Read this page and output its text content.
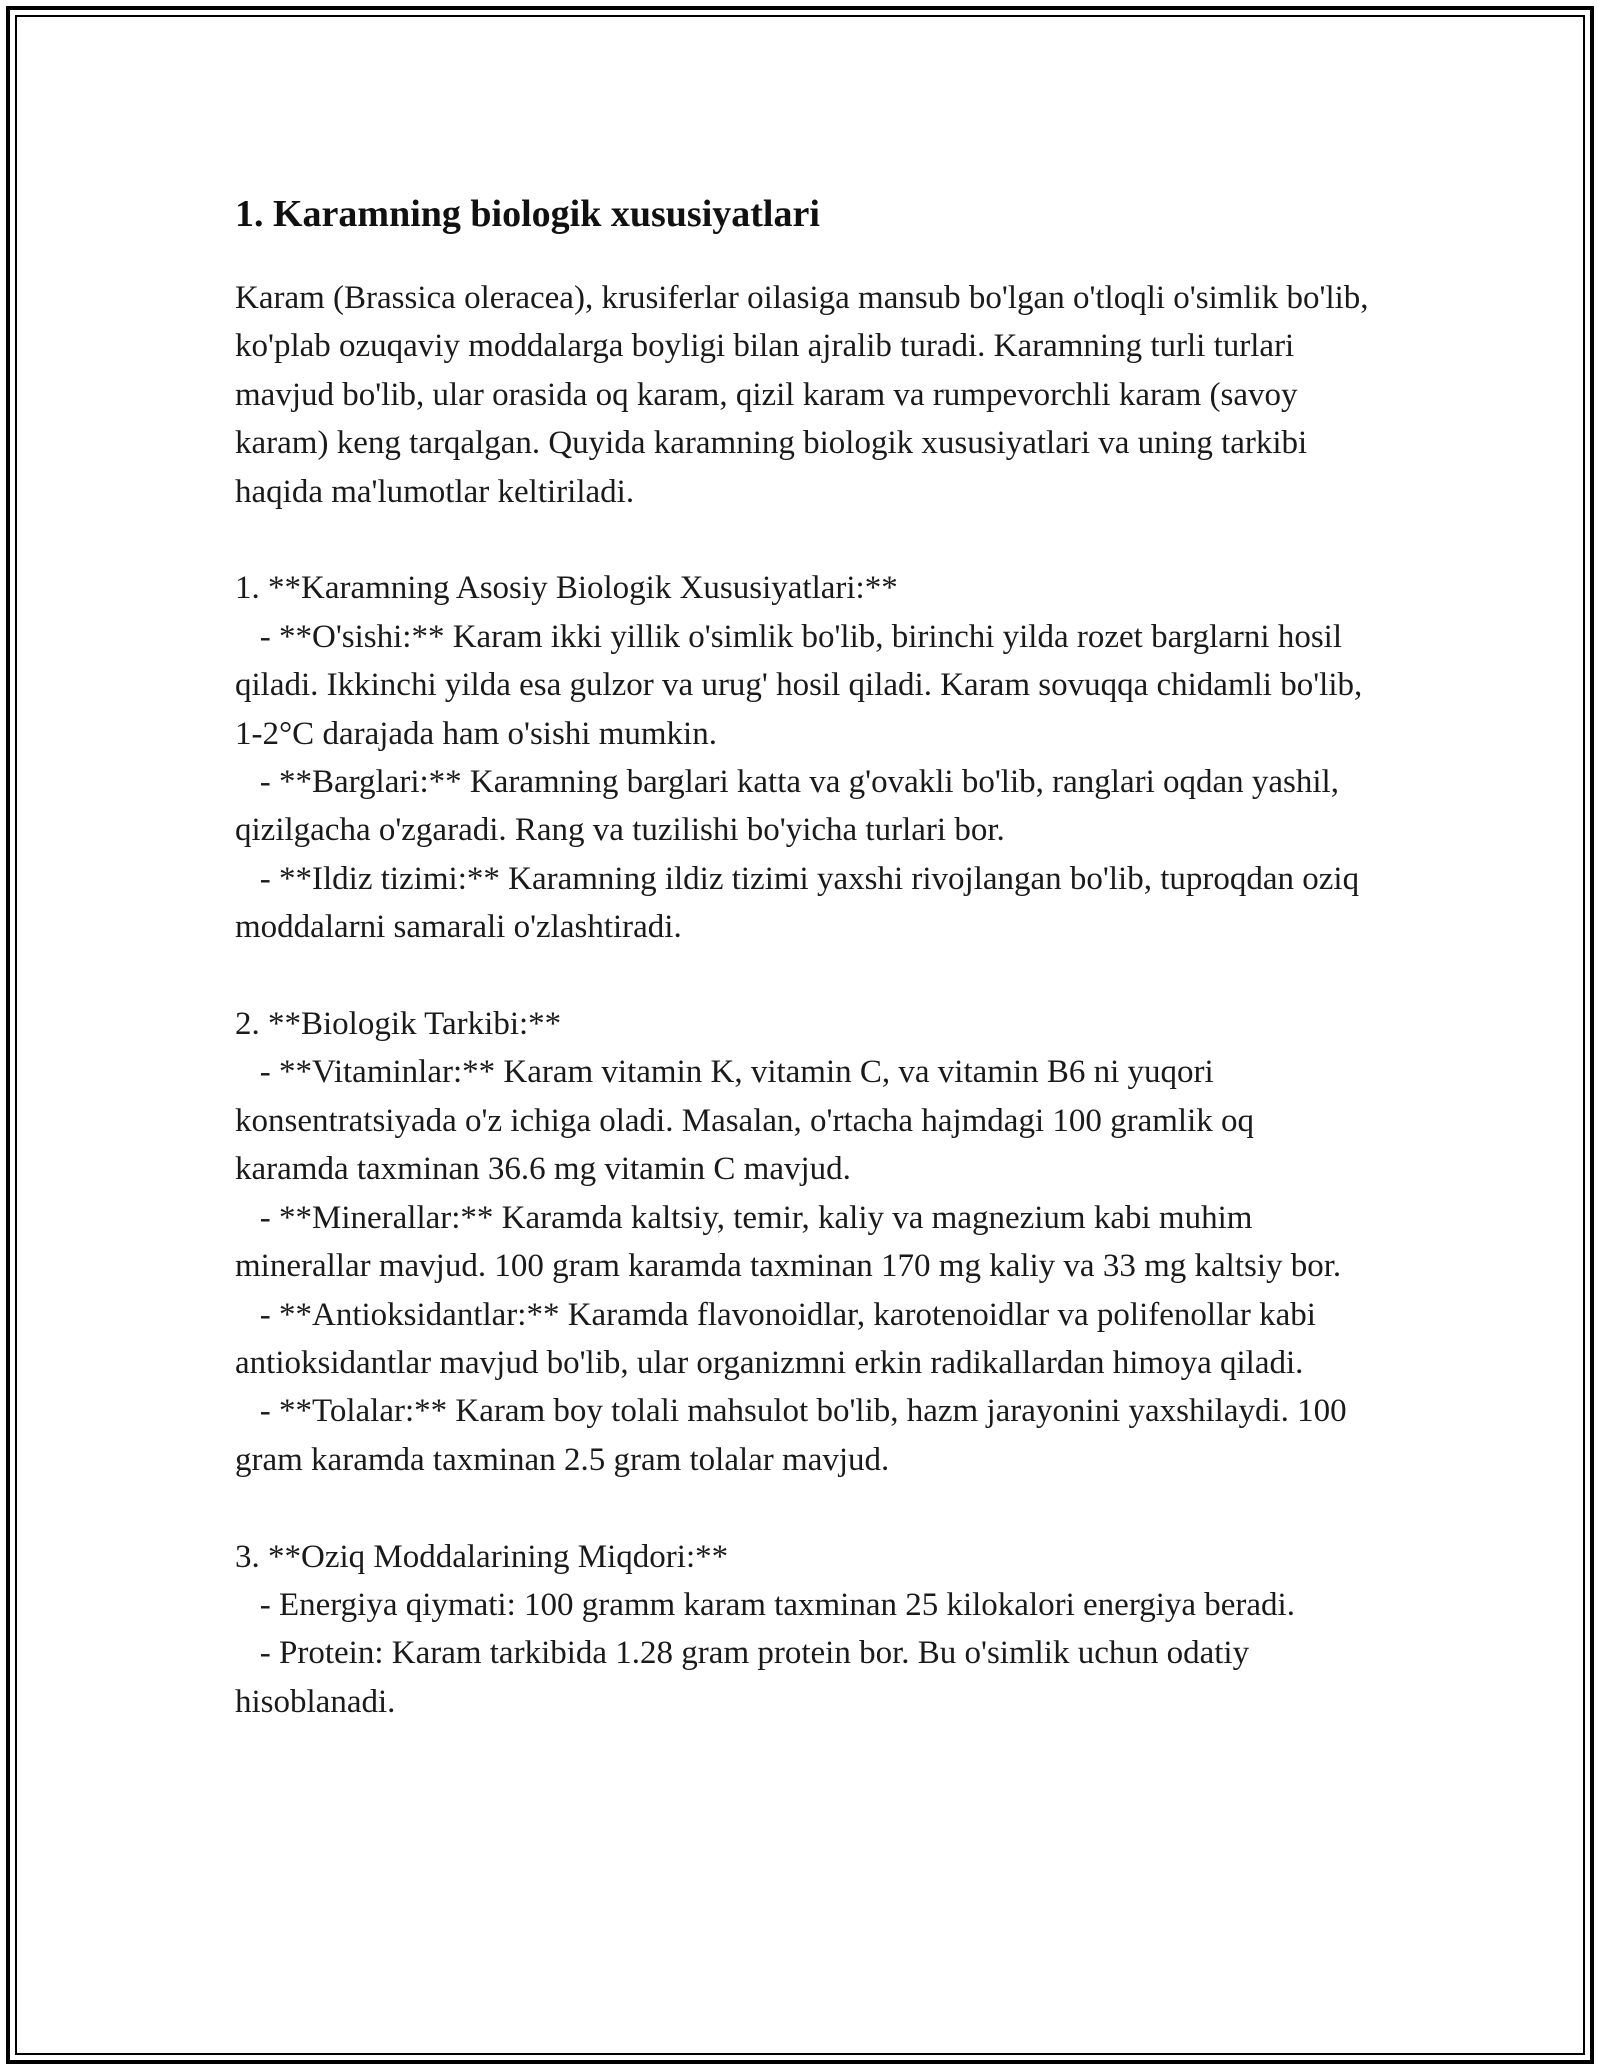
1. Karamning biologik xususiyatlari

Karam (Brassica oleracea), krusiferlar oilasiga mansub bo'lgan o'tloqli o'simlik bo'lib, ko'plab ozuqaviy moddalarga boyligi bilan ajralib turadi. Karamning turli turlari mavjud bo'lib, ular orasida oq karam, qizil karam va rumpevorchli karam (savoy karam) keng tarqalgan. Quyida karamning biologik xususiyatlari va uning tarkibi haqida ma'lumotlar keltiriladi.

1. **Karamning Asosiy Biologik Xususiyatlari:**

- **O'sishi:** Karam ikki yillik o'simlik bo'lib, birinchi yilda rozet barglarni hosil qiladi. Ikkinchi yilda esa gulzor va urug' hosil qiladi. Karam sovuqqa chidamli bo'lib, 1-2°C darajada ham o'sishi mumkin.

- **Barglari:** Karamning barglari katta va g'ovakli bo'lib, ranglari oqdan yashil, qizilgacha o'zgaradi. Rang va tuzilishi bo'yicha turlari bor.

- **Ildiz tizimi:** Karamning ildiz tizimi yaxshi rivojlangan bo'lib, tuproqdan oziq moddalarni samarali o'zlashtiradi.

2. **Biologik Tarkibi:**

- **Vitaminlar:** Karam vitamin K, vitamin C, va vitamin B6 ni yuqori konsentratsiyada o'z ichiga oladi. Masalan, o'rtacha hajmdagi 100 gramlik oq karamda taxminan 36.6 mg vitamin C mavjud.

- **Minerallar:** Karamda kaltsiy, temir, kaliy va magnezium kabi muhim minerallar mavjud. 100 gram karamda taxminan 170 mg kaliy va 33 mg kaltsiy bor.

- **Antioksidantlar:** Karamda flavonoidlar, karotenoidlar va polifenollar kabi antioksidantlar mavjud bo'lib, ular organizmni erkin radikallardan himoya qiladi.

- **Tolalar:** Karam boy tolali mahsulot bo'lib, hazm jarayonini yaxshilaydi. 100 gram karamda taxminan 2.5 gram tolalar mavjud.

3. **Oziq Moddalarining Miqdori:**

- Energiya qiymati: 100 gramm karam taxminan 25 kilokalori energiya beradi.

- Protein: Karam tarkibida 1.28 gram protein bor. Bu o'simlik uchun odatiy hisoblanadi.
